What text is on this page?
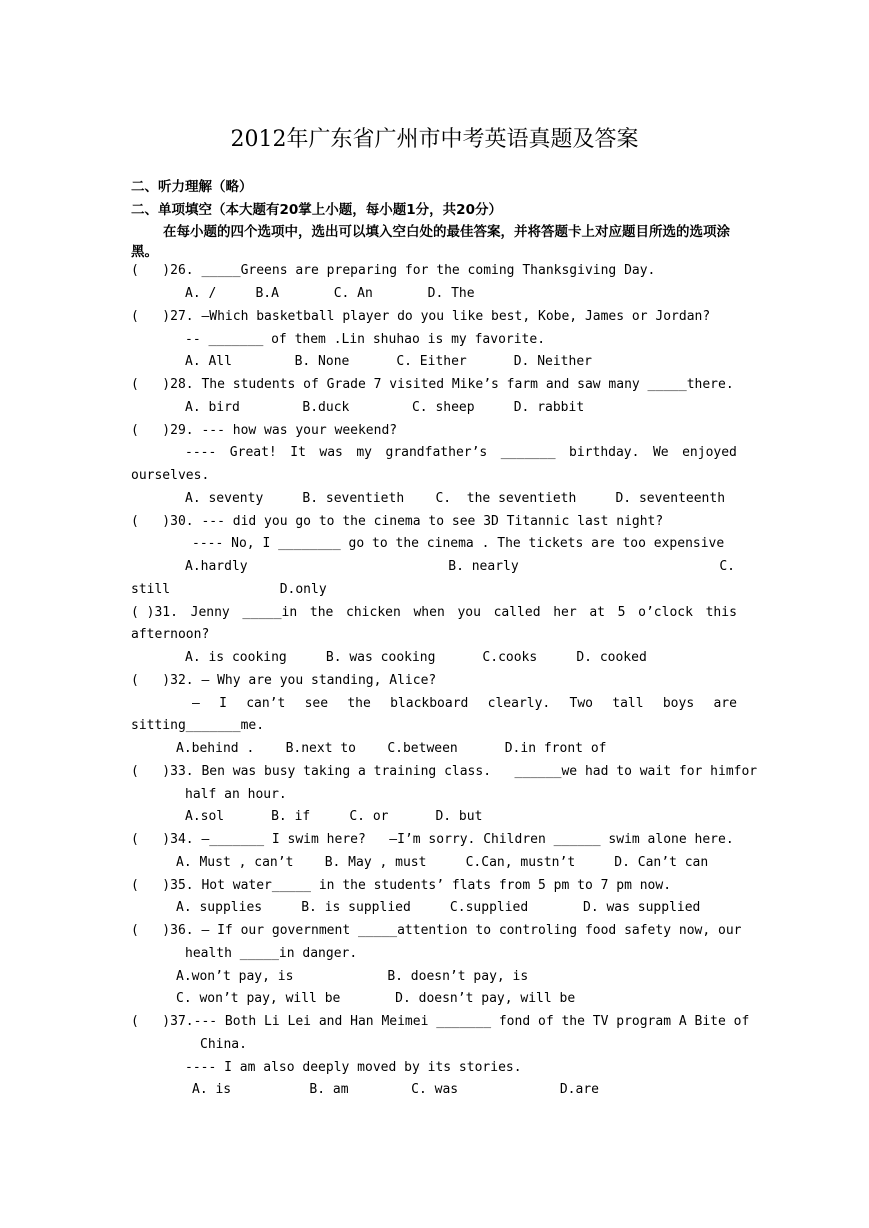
2012年广东省广州市中考英语真题及答案
二、听力理解（略）
二、单项填空（本大题有20掌上小题，每小题1分，共20分）
在每小题的四个选项中，选出可以填入空白处的最佳答案，并将答题卡上对应题目所选的选项涂黑。
(   )26. _____Greens are preparing for the coming Thanksgiving Day.
A. /     B.A       C. An       D. The
(   )27. –Which basketball player do you like best, Kobe, James or Jordan?
-- _______ of them .Lin shuhao is my favorite.
A. All        B. None      C. Either      D. Neither
(   )28. The students of Grade 7 visited Mike’s farm and saw many _____there.
A. bird        B.duck        C. sheep     D. rabbit
(   )29. --- how was your weekend?
---- Great! It was my grandfather’s _______ birthday. We enjoyed
ourselves.
A. seventy     B. seventieth    C.  the seventieth     D. seventeenth
(   )30. --- did you go to the cinema to see 3D Titannic last night?
---- No, I ________ go to the cinema . The tickets are too expensive
A.hardly	B. nearly	C.
still              D.only
( )31. Jenny _____in the chicken when you called her at 5 o’clock this
afternoon?
A. is cooking     B. was cooking      C.cooks     D. cooked
(   )32. — Why are you standing, Alice?
— I can’t see the blackboard clearly. Two tall boys are
sitting_______me.
A.behind .    B.next to    C.between      D.in front of
(   )33. Ben was busy taking a training class.   ______we had to wait for himfor
half an hour.
A.sol      B. if     C. or      D. but
(   )34. —_______ I swim here?   —I’m sorry. Children ______ swim alone here.
A. Must , can’t    B. May , must     C.Can, mustn’t     D. Can’t can
(   )35. Hot water_____ in the students’ flats from 5 pm to 7 pm now.
A. supplies     B. is supplied     C.supplied       D. was supplied
(   )36. — If our government _____attention to controling food safety now, our
health _____in danger.
A.won’t pay, is            B. doesn’t pay, is
C. won’t pay, will be       D. doesn’t pay, will be
(   )37.--- Both Li Lei and Han Meimei _______ fond of the TV program A Bite of
China.
---- I am also deeply moved by its stories.
A. is          B. am        C. was             D.are
